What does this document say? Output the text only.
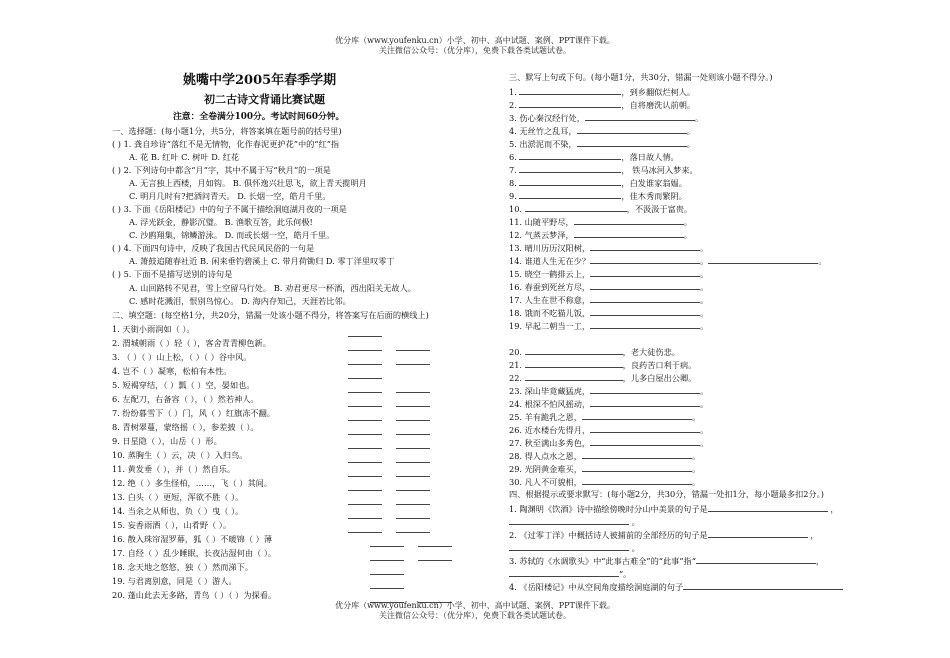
优分库（www.youfenku.cn）小学、初中、高中试题、案例、PPT课件下载。
关注微信公众号：（优分库），免费下载各类试题试卷。
姚嘴中学2005年春季学期
初二古诗文背诵比赛试题
注意：全卷满分100分。考试时间60分钟。
一、选择题：(每小题1分，共5分，将答案填在题号前的括号里)
( ) 1. 龚自珍诗“落红不是无情物，化作春泥更护花”中的“红”指
A. 花 B. 红叶 C. 树叶 D. 红花
( ) 2. 下列诗句中都含“月”字，其中不属于写“秋月”的一项是
A. 无言独上西楼，月如钩。 B. 俱怀逸兴壮思飞，欲上青天揽明月
C. 明月几时有?把酒问青天。 D. 长烟一空，皓月千里。
( ) 3. 下面《岳阳楼记》中的句子不属于描绘洞庭湖月夜的一项是
A. 浮光跃金，静影沉璧。 B. 渔歌互答，此乐何极!
C. 沙鸥翔集，锦鳞游泳。 D. 而或长烟一空，皓月千里。
( ) 4. 下面四句诗中，反映了我国古代民风民俗的一句是
A. 箫鼓追随春社近 B. 闲来垂钓碧溪上 C. 带月荷锄归 D. 零丁洋里叹零丁
( ) 5. 下面不是描写送别的诗句是
A. 山回路转不见君，雪上空留马行处。 B. 劝君更尽一杯酒，西出阳关无故人。
C. 感时花溅泪，恨别鸟惊心。 D. 海内存知己，天涯若比邻。
二、填空题：(每空格1分，共20分，错漏一处该小题不得分，将答案写在后面的横线上)
1. 天街小雨润如（ ）。
2. 渭城朝雨（ ）轻（ ），客舍青青柳色新。
3. （ ）（ ）山上松，（ ）（ ）谷中风。
4. 岂不（ ）凝寒，松柏有本性。
5. 短褐穿结，（ ）瓢（ ）空，晏如也。
6. 左配刀，右备容（ ），（ ）然若神人。
7. 纷纷暮雪下（ ）门，风（ ）红旗冻不翻。
8. 青树翠蔓，蒙络摇（ ），参差披（ ）。
9. 日星隐（ ），山岳（ ）形。
10. 蒸胸生（ ）云，决（ ）入归鸟。
11. 黄发垂（ ），并（ ）然自乐。
12. 绝（ ）多生怪柏，……，飞（ ）其间。
13. 白头（ ）更短，浑欲不胜（ ）。
14. 当余之从师也，负（ ）曳（ ）。
15. 妄香雨洒（ ），山肴野（ ）。
16. 散入珠帘湿罗幕，狐（ ）不暖锦（ ）薄
17. 自经（ ）乱少睡眠，长夜沾湿何由（ ）。
18. 念天地之悠悠，独（ ）然而涕下。
19. 与君离别意，同是（ ）游人。
20. 蓬山此去无多路，青鸟（ ）（ ）为探看。
三、默写上句或下句。(每小题1分，共30分，错漏一处则该小题不得分。)
1.	，到乡翻似烂柯人。
2.	，自将磨洗认前朝。
3. 伤心秦汉经行处，	。
4. 无丝竹之乱耳，	。
5. 出淤泥而不染，	。
6.	，落日故人情。
7.	， 铁马冰河入梦来。
8.	，白发谁家翁媪。
9.	，佳木秀而繁阴。
10.	，不汲汲于富贵。
11. 山随平野尽，	。
12. 气蒸云梦泽，	。
13. 晴川历历汉阳树，	。
14. 谁道人生无在少？	。	。
15. 晓空一鹤排云上，	。
16. 春蚕到死丝方尽，	。
17. 人生在世不称意，	。
18. 饿而不吃猫儿饭，	。
19. 早起二朝当一工，	。
20.	，老大徒伤悲。
21.	，良药苦口利于病。
22.	，儿多白屋出公卿。
23. 深山毕竟藏猛虎，	。
24. 根深不怕风摇动，	。
25. 羊有跪乳之恩，	。
26. 近水楼台先得月，	。
27. 秋至满山多秀色，	。
28. 得人点水之恩，	。
29. 光阴黄金难买，	。
30. 凡人不可貌相，	。
四、根据提示或要求默写：(每小题2分，共30分，错漏一处扣1分，每小题最多扣2分。)
1. 陶渊明《饮酒》诗中描绘傍晚时分山中美景的句子是	，
。
2. 《过零丁洋》中概括诗人被捕前的全部经历的句子是	，
。
3. 苏轼的《水调歌头》中“此事古难全”的“此事”指“	，
”。
4. 《岳阳楼记》中从空间角度描绘洞庭湖的句子
优分库（www.youfenku.cn）小学、初中、高中试题、案例、PPT课件下载。
关注微信公众号：（优分库），免费下载各类试题试卷。
